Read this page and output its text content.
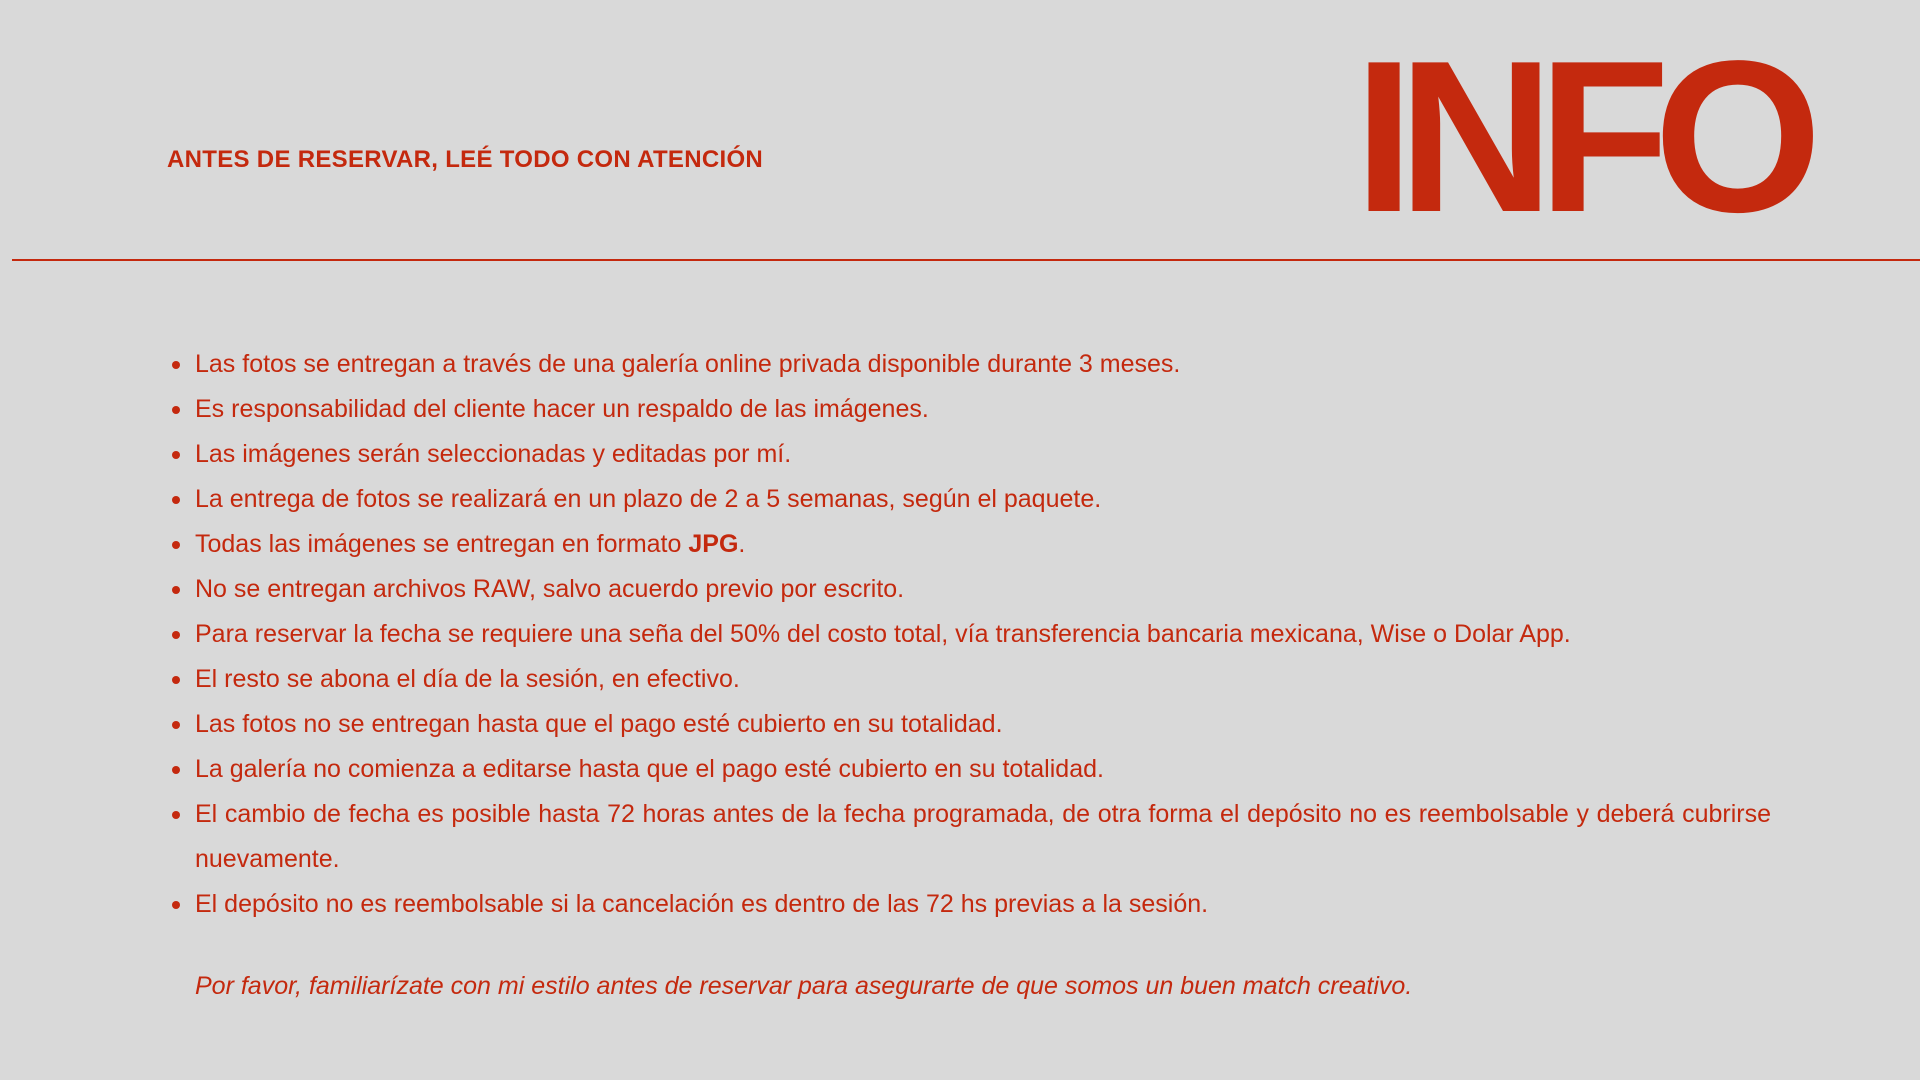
ANTES DE RESERVAR, LEÉ TODO CON ATENCIÓN	INFO
Las fotos se entregan a través de una galería online privada disponible durante 3 meses.
Es responsabilidad del cliente hacer un respaldo de las imágenes.
Las imágenes serán seleccionadas y editadas por mí.
La entrega de fotos se realizará en un plazo de 2 a 5 semanas, según el paquete.
Todas las imágenes se entregan en formato JPG.
No se entregan archivos RAW, salvo acuerdo previo por escrito.
Para reservar la fecha se requiere una seña del 50% del costo total, vía transferencia bancaria mexicana, Wise o Dolar App.
El resto se abona el día de la sesión, en efectivo.
Las fotos no se entregan hasta que el pago esté cubierto en su totalidad.
La galería no comienza a editarse hasta que el pago esté cubierto en su totalidad.
El cambio de fecha es posible hasta 72 horas antes de la fecha programada, de otra forma el depósito no es reembolsable y deberá cubrirse nuevamente.
El depósito no es reembolsable si la cancelación es dentro de las 72 hs previas a la sesión.
Por favor, familiarízate con mi estilo antes de reservar para asegurarte de que somos un buen match creativo.
